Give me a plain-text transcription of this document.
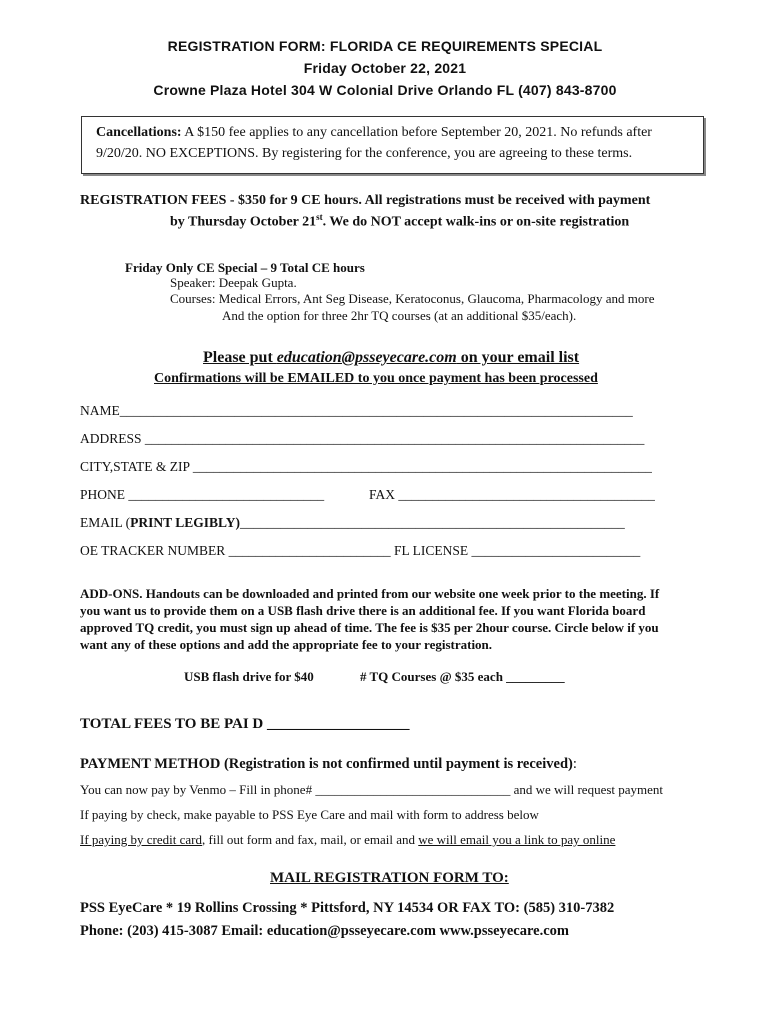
REGISTRATION FORM: FLORIDA CE REQUIREMENTS SPECIAL
Friday October 22, 2021
Crowne Plaza Hotel 304 W Colonial Drive Orlando FL (407) 843-8700
Cancellations: A $150 fee applies to any cancellation before September 20, 2021. No refunds after
9/20/20. NO EXCEPTIONS. By registering for the conference, you are agreeing to these terms.
REGISTRATION FEES - $350 for 9 CE hours. All registrations must be received with payment
by Thursday October 21st. We do NOT accept walk-ins or on-site registration
Friday Only CE Special – 9 Total CE hours
Speaker: Deepak Gupta.
Courses: Medical Errors, Ant Seg Disease, Keratoconus, Glaucoma, Pharmacology and more
And the option for three 2hr TQ courses (at an additional $35/each).
Please put education@psseyecare.com on your email list
Confirmations will be EMAILED to you once payment has been processed
NAME____________________________________________________________________________
ADDRESS __________________________________________________________________________
CITY,STATE & ZIP ____________________________________________________________________
PHONE _____________________________	FAX ______________________________________
EMAIL (PRINT LEGIBLY)_________________________________________________________
OE TRACKER NUMBER ________________________ FL LICENSE _________________________
ADD-ONS. Handouts can be downloaded and printed from our website one week prior to the meeting. If
you want us to provide them on a USB flash drive there is an additional fee. If you want Florida board
approved TQ credit, you must sign up ahead of time. The fee is $35 per 2hour course. Circle below if you
want any of these options and add the appropriate fee to your registration.
USB flash drive for $40	# TQ Courses @ $35 each _________
TOTAL FEES TO BE PAI D ___________________
PAYMENT METHOD (Registration is not confirmed until payment is received):
You can now pay by Venmo – Fill in phone# ______________________________ and we will request payment
If paying by check, make payable to PSS Eye Care and mail with form to address below
If paying by credit card, fill out form and fax, mail, or email and we will email you a link to pay online
MAIL REGISTRATION FORM TO:
PSS EyeCare * 19 Rollins Crossing * Pittsford, NY 14534 OR FAX TO: (585) 310-7382
Phone: (203) 415-3087 Email: education@psseyecare.com www.psseyecare.com
